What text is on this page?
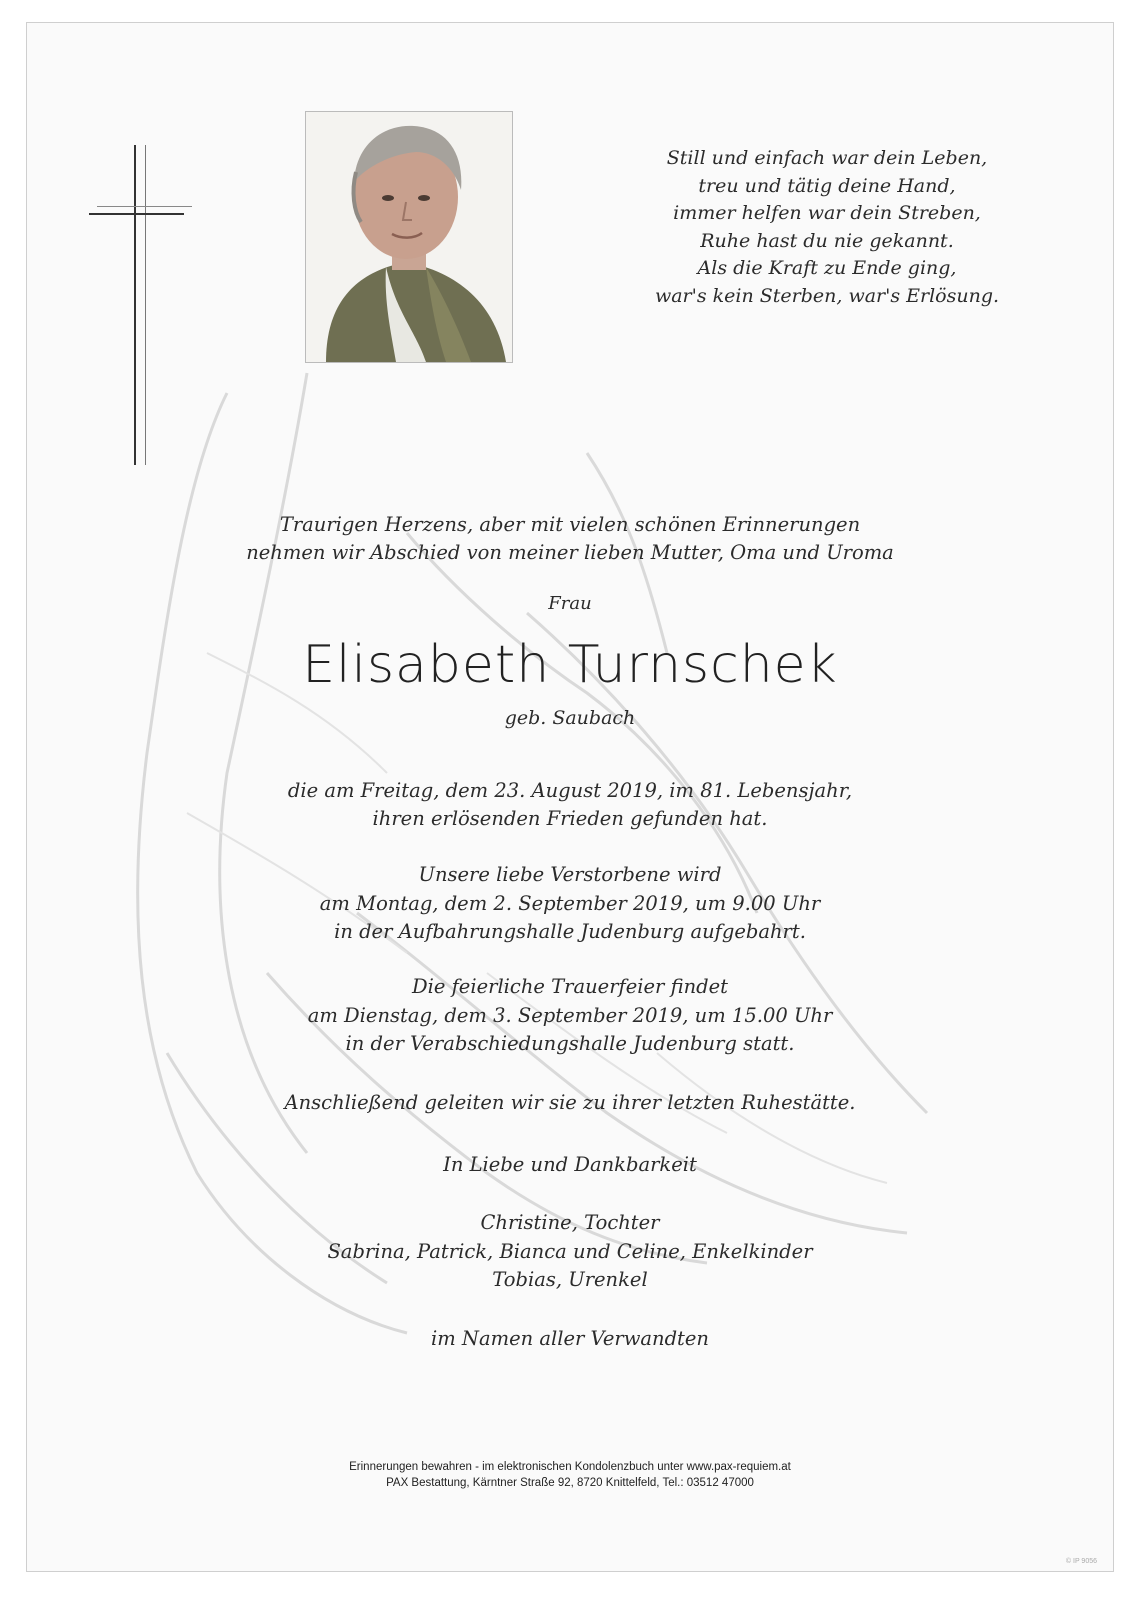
Still und einfach war dein Leben,
treu und tätig deine Hand,
immer helfen war dein Streben,
Ruhe hast du nie gekannt.
Als die Kraft zu Ende ging,
war's kein Sterben, war's Erlösung.
Traurigen Herzens, aber mit vielen schönen Erinnerungen
nehmen wir Abschied von meiner lieben Mutter, Oma und Uroma
Frau
Elisabeth Turnschek
geb. Saubach
die am Freitag, dem 23. August 2019, im 81. Lebensjahr,
ihren erlösenden Frieden gefunden hat.
Unsere liebe Verstorbene wird
am Montag, dem 2. September 2019, um 9.00 Uhr
in der Aufbahrungshalle Judenburg aufgebahrt.
Die feierliche Trauerfeier findet
am Dienstag, dem 3. September 2019, um 15.00 Uhr
in der Verabschiedungshalle Judenburg statt.
Anschließend geleiten wir sie zu ihrer letzten Ruhestätte.
In Liebe und Dankbarkeit
Christine, Tochter
Sabrina, Patrick, Bianca und Celine, Enkelkinder
Tobias, Urenkel
im Namen aller Verwandten
Erinnerungen bewahren - im elektronischen Kondolenzbuch unter www.pax-requiem.at
PAX Bestattung, Kärntner Straße 92, 8720 Knittelfeld, Tel.: 03512 47000
© IP 9056
